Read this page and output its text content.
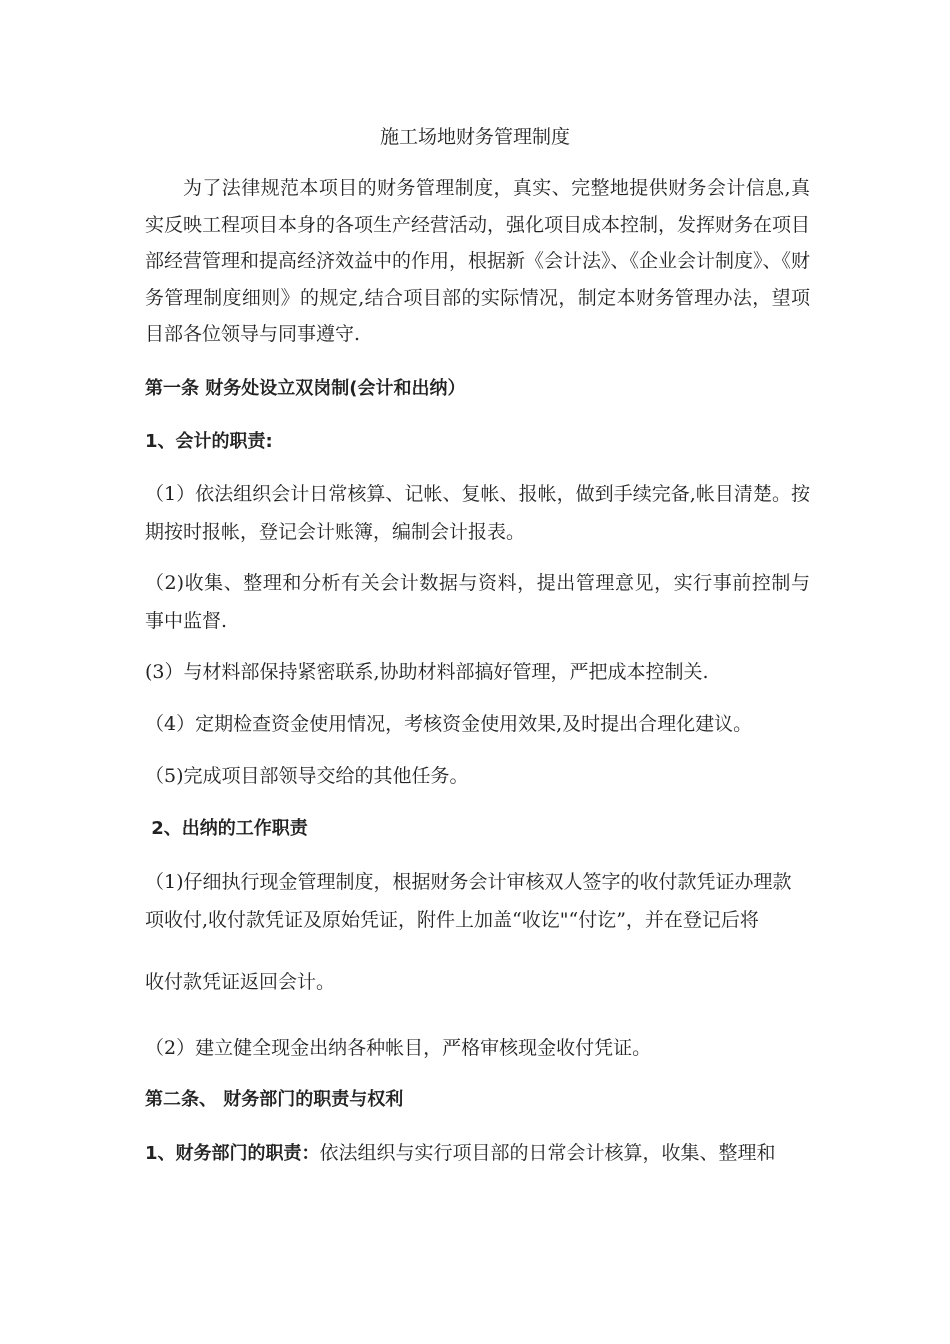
施工场地财务管理制度

为了法律规范本项目的财务管理制度，真实、完整地提供财务会计信息,真实反映工程项目本身的各项生产经营活动，强化项目成本控制，发挥财务在项目部经营管理和提高经济效益中的作用，根据新《会计法》、《企业会计制度》、《财务管理制度细则》的规定,结合项目部的实际情况，制定本财务管理办法，望项目部各位领导与同事遵守.

第一条 财务处设立双岗制(会计和出纳）
1、会计的职责:

（1）依法组织会计日常核算、记帐、复帐、报帐，做到手续完备,帐目清楚。按期按时报帐，登记会计账簿，编制会计报表。

（2)收集、整理和分析有关会计数据与资料，提出管理意见，实行事前控制与事中监督.

(3）与材料部保持紧密联系,协助材料部搞好管理，严把成本控制关.
（4）定期检查资金使用情况，考核资金使用效果,及时提出合理化建议。
（5)完成项目部领导交给的其他任务。
2、出纳的工作职责
（1)仔细执行现金管理制度，根据财务会计审核双人签字的收付款凭证办理款
项收付,收付款凭证及原始凭证，附件上加盖“收讫"“付讫”，并在登记后将
收付款凭证返回会计。
（2）建立健全现金出纳各种帐目，严格审核现金收付凭证。
第二条、 财务部门的职责与权利
1、财务部门的职责：依法组织与实行项目部的日常会计核算，收集、整理和
